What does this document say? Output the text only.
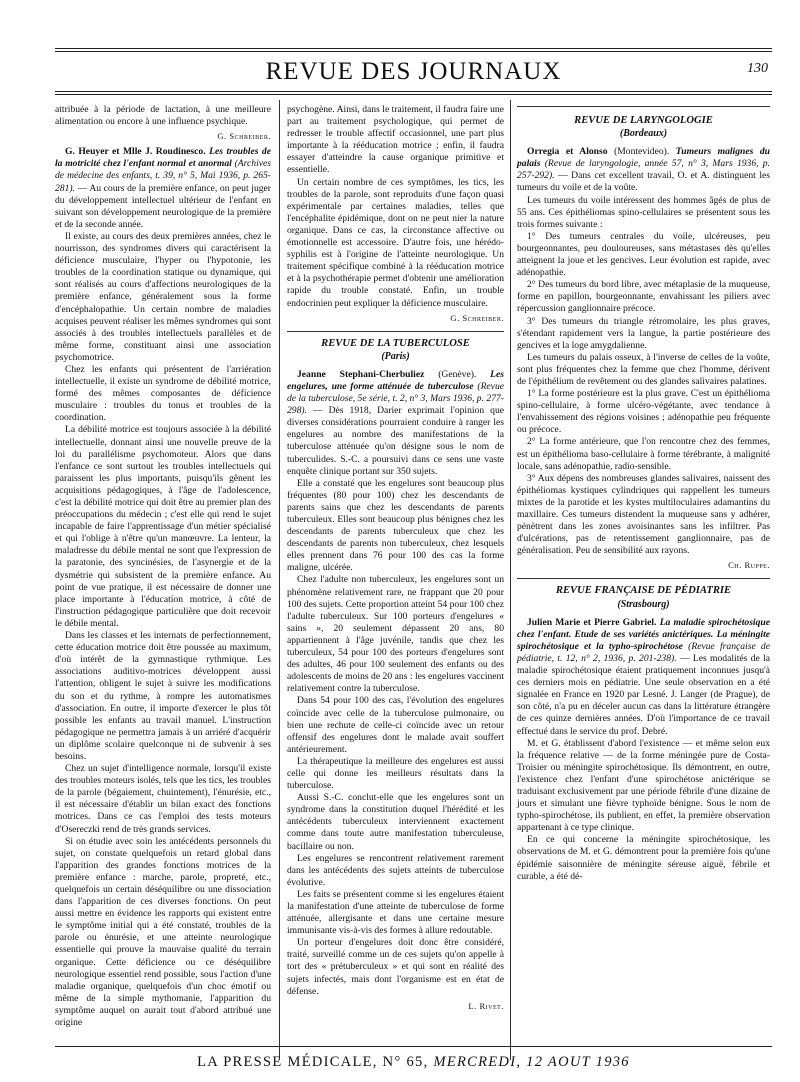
REVUE DES JOURNAUX	130

attribuée à la période de lactation, à une meilleure alimentation ou encore à une influence psychique.

G. Schreiber.

G. Heuyer et Mlle J. Roudinesco. Les troubles de la motricité chez l'enfant normal et anormal (Archives de médecine des enfants, t. 39, n° 5, Mai 1936, p. 265-281). — Au cours de la première enfance, on peut juger du développement intellectuel ultérieur de l'enfant en suivant son développement neurologique de la première et de la seconde année.

Il existe, au cours des deux premières années, chez le nourrisson, des syndromes divers qui caractérisent la déficience musculaire, l'hyper ou l'hypotonie, les troubles de la coordination statique ou dynamique, qui sont réalisés au cours d'affections neurologiques de la première enfance, généralement sous la forme d'encéphalopathie. Un certain nombre de maladies acquises peuvent réaliser les mêmes syndromes qui sont associés à des troubles intellectuels parallèles et de même forme, constituant ainsi une association psychomotrice.

Chez les enfants qui présentent de l'arriération intellectuelle, il existe un syndrome de débilité motrice, formé des mêmes composantes de déficience musculaire : troubles du tonus et troubles de la coordination.

La débilité motrice est toujours associée à la débilité intellectuelle, donnant ainsi une nouvelle preuve de la loi du parallélisme psychomoteur. Alors que dans l'enfance ce sont surtout les troubles intellectuels qui paraissent les plus importants, puisqu'ils gênent les acquisitions pédagogiques, à l'âge de l'adolescence, c'est la débilité motrice qui doit être au premier plan des préoccupations du médecin ; c'est elle qui rend le sujet incapable de faire l'apprentissage d'un métier spécialisé et qui l'oblige à n'être qu'un manœuvre. La lenteur, la maladresse du débile mental ne sont que l'expression de la paratonie, des syncinésies, de l'asynergie et de la dysmétrie qui subsistent de la première enfance. Au point de vue pratique, il est nécessaire de donner une place importante à l'éducation motrice, à côté de l'instruction pédagogique particulière que doit recevoir le débile mental.

Dans les classes et les internats de perfectionnement, cette éducation motrice doit être poussée au maximum, d'où intérêt de la gymnastique rythmique. Les associations auditivo-motrices développent aussi l'attention, obligent le sujet à suivre les modifications du son et du rythme, à rompre les automatismes d'association. En outre, il importe d'exercer le plus tôt possible les enfants au travail manuel. L'instruction pédagogique ne permettra jamais à un arriéré d'acquérir un diplôme scolaire quelconque ni de subvenir à ses besoins.

Chez un sujet d'intelligence normale, lorsqu'il existe des troubles moteurs isolés, tels que les tics, les troubles de la parole (bégaiement, chuintement), l'énurésie, etc., il est nécessaire d'établir un bilan exact des fonctions motrices. Dans ce cas l'emploi des tests moteurs d'Osereczki rend de très grands services.

Si on étudie avec soin les antécédents personnels du sujet, on constate quelquefois un retard global dans l'apparition des grandes fonctions motrices de la première enfance : marche, parole, propreté, etc., quelquefois un certain déséquilibre ou une dissociation dans l'apparition de ces diverses fonctions. On peut aussi mettre en évidence les rapports qui existent entre le symptôme initial qui a été constaté, troubles de la parole ou énurésie, et une atteinte neurologique essentielle qui prouve la mauvaise qualité du terrain organique. Cette déficience ou ce déséquilibre neurologique essentiel rend possible, sous l'action d'une maladie organique, quelquefois d'un choc émotif ou même de la simple mythomanie, l'apparition du symptôme auquel on aurait tout d'abord attribué une origine

psychogène. Ainsi, dans le traitement, il faudra faire une part au traitement psychologique, qui permet de redresser le trouble affectif occasionnel, une part plus importante à la rééducation motrice ; enfin, il faudra essayer d'atteindre la cause organique primitive et essentielle.

Un certain nombre de ces symptômes, les tics, les troubles de la parole, sont reproduits d'une façon quasi expérimentale par certaines maladies, telles que l'encéphalite épidémique, dont on ne peut nier la nature organique. Dans ce cas, la circonstance affective ou émotionnelle est accessoire. D'autre fois, une hérédo-syphilis est à l'origine de l'atteinte neurologique. Un traitement spécifique combiné à la rééducation motrice et à la psychothérapie permet d'obtenir une amélioration rapide du trouble constaté. Enfin, un trouble endocrinien peut expliquer la déficience musculaire.

G. Schreiber.
REVUE DE LA TUBERCULOSE
(Paris)

Jeanne Stephani-Cherbuliez (Genève). Les engelures, une forme atténuée de tuberculose (Revue de la tuberculose, 5e série, t. 2, n° 3, Mars 1936, p. 277-298). — Dès 1918, Darier exprimait l'opinion que diverses considérations pourraient conduire à ranger les engelures au nombre des manifestations de la tuberculose atténuée qu'on désigne sous le nom de tuberculides. S.-C. a poursuivi dans ce sens une vaste enquête clinique portant sur 350 sujets.

Elle a constaté que les engelures sont beaucoup plus fréquentes (80 pour 100) chez les descendants de parents sains que chez les descendants de parents tuberculeux. Elles sont beaucoup plus bénignes chez les descendants de parents tuberculeux que chez les descendants de parents non tuberculeux, chez lesquels elles prennent dans 76 pour 100 des cas la forme maligne, ulcérée.

Chez l'adulte non tuberculeux, les engelures sont un phénomène relativement rare, ne frappant que 20 pour 100 des sujets. Cette proportion atteint 54 pour 100 chez l'adulte tuberculeux. Sur 100 porteurs d'engelures « sains », 20 seulement dépassent 20 ans, 80 appartiennent à l'âge juvénile, tandis que chez les tuberculeux, 54 pour 100 des porteurs d'engelures sont des adultes, 46 pour 100 seulement des enfants ou des adolescents de moins de 20 ans : les engelures vaccinent relativement contre la tuberculose.

Dans 54 pour 100 des cas, l'évolution des engelures coïncide avec celle de la tuberculose pulmonaire, ou bien une rechute de celle-ci coïncide avec un retour offensif des engelures dont le malade avait souffert antérieurement.

La thérapeutique la meilleure des engelures est aussi celle qui donne les meilleurs résultats dans la tuberculose.

Aussi S.-C. conclut-elle que les engelures sont un syndrome dans la constitution duquel l'hérédité et les antécédents tuberculeux interviennent exactement comme dans toute autre manifestation tuberculeuse, bacillaire ou non.

Les engelures se rencontrent relativement rarement dans les antécédents des sujets atteints de tuberculose évolutive.

Les faits se présentent comme si les engelures étaient la manifestation d'une atteinte de tuberculose de forme atténuée, allergisante et dans une certaine mesure immunisante vis-à-vis des formes à allure redoutable.

Un porteur d'engelures doit donc être considéré, traité, surveillé comme un de ces sujets qu'on appelle à tort des « prétuberculeux » et qui sont en réalité des sujets infectés, mais dont l'organisme est en état de défense.

L. Rivet.
REVUE DE LARYNGOLOGIE
(Bordeaux)

Orregia et Alonso (Montevideo). Tumeurs malignes du palais (Revue de laryngologie, année 57, n° 3, Mars 1936, p. 257-292). — Dans cet excellent travail, O. et A. distinguent les tumeurs du voile et de la voûte.

Les tumeurs du voile intéressent des hommes âgés de plus de 55 ans. Ces épithéliomas spino-cellulaires se présentent sous les trois formes suivante :

1° Des tumeurs centrales du voile, ulcéreuses, peu bourgeonnantes, peu douloureuses, sans métastases dès qu'elles atteignent la joue et les gencives. Leur évolution est rapide, avec adénopathie.

2° Des tumeurs du bord libre, avec métaplasie de la muqueuse, forme en papillon, bourgeonnante, envahissant les piliers avec répercussion ganglionnaire précoce.

3° Des tumeurs du triangle rétromolaire, les plus graves, s'étendant rapidement vers la langue, la partie postérieure des gencives et la loge amygdalienne.

Les tumeurs du palais osseux, à l'inverse de celles de la voûte, sont plus fréquentes chez la femme que chez l'homme, dérivent de l'épithélium de revêtement ou des glandes salivaires palatines.

1° La forme postérieure est la plus grave. C'est un épithélioma spino-cellulaire, à forme ulcéro-végétante, avec tendance à l'envahissement des régions voisines ; adénopathie peu fréquente ou précoce.

2° La forme antérieure, que l'on rencontre chez des femmes, est un épithélioma baso-cellulaire à forme térébrante, à malignité locale, sans adénopathie, radio-sensible.

3° Aux dépens des nombreuses glandes salivaires, naissent des épithéliomas kystiques cylindriques qui rappellent les tumeurs mixtes de la parotide et les kystes multiloculaires adamantins du maxillaire. Ces tumeurs distendent la muqueuse sans y adhérer, pénètrent dans les zones avoisinantes sans les infiltrer. Pas d'ulcérations, pas de retentissement ganglionnaire, pas de généralisation. Peu de sensibilité aux rayons.

Ch. Ruppe.
REVUE FRANÇAISE DE PÉDIATRIE
(Strasbourg)

Julien Marie et Pierre Gabriel. La maladie spirochétosique chez l'enfant. Etude de ses variétés anictériques. La méningite spirochétosique et la typho-spirochétose (Revue française de pédiatrie, t. 12, n° 2, 1936, p. 201-238). — Les modalités de la maladie spirochétosique étaient pratiquement inconnues jusqu'à ces derniers mois en pédiatrie. Une seule observation en a été signalée en France en 1920 par Lesné. J. Langer (de Prague), de son côté, n'a pu en déceler aucun cas dans la littérature étrangère de ces quinze dernières années. D'où l'importance de ce travail effectué dans le service du prof. Debré.

M. et G. établissent d'abord l'existence — et même selon eux la fréquence relative — de la forme méningée pure de Costa-Troisier ou méningite spirochétosique. Ils démontrent, en outre, l'existence chez l'enfant d'une spirochétose anictérique se traduisant exclusivement par une période fébrile d'une dizaine de jours et simulant une fièvre typhoïde bénigne. Sous le nom de typho-spirochétose, ils publient, en effet, la première observation appartenant à ce type clinique.

En ce qui concerne la méningite spirochétosique, les observations de M. et G. démontrent pour la première fois qu'une épidémie saisonnière de méningite séreuse aiguë, fébrile et curable, a été dé-

LA PRESSE MÉDICALE, N° 65, MERCREDI, 12 AOUT 1936
